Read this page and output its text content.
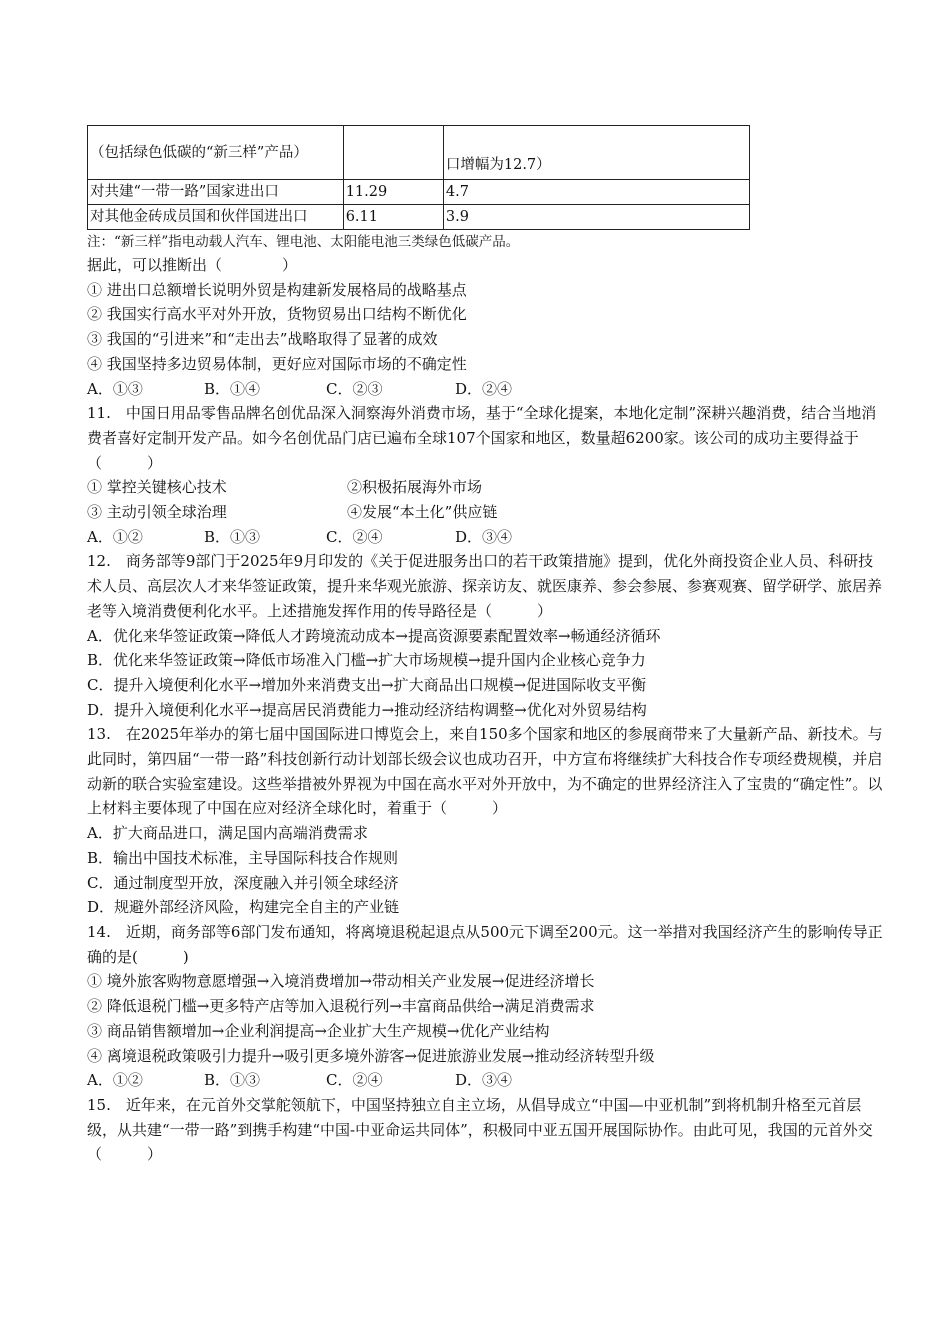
（包括绿色低碳的“新三样”产品）		口增幅为12.7）
对共建“一带一路”国家进出口	11.29	4.7
对其他金砖成员国和伙伴国进出口	6.11	3.9
注：“新三样”指电动载人汽车、锂电池、太阳能电池三类绿色低碳产品。
据此，可以推断出（　　　　）
① 进出口总额增长说明外贸是构建新发展格局的战略基点
② 我国实行高水平对外开放，货物贸易出口结构不断优化
③ 我国的“引进来”和“走出去”战略取得了显著的成效
④ 我国坚持多边贸易体制，更好应对国际市场的不确定性
A．①③	B．①④	C．②③	D．②④
11.　中国日用品零售品牌名创优品深入洞察海外消费市场，基于“全球化提案，本地化定制”深耕兴趣消费，结合当地消费者喜好定制开发产品。如今名创优品门店已遍布全球107个国家和地区，数量超6200家。该公司的成功主要得益于（　　　）
① 掌控关键核心技术	②积极拓展海外市场
③ 主动引领全球治理	④发展“本土化”供应链
A．①②	B．①③	C．②④	D．③④
12.　商务部等9部门于2025年9月印发的《关于促进服务出口的若干政策措施》提到，优化外商投资企业人员、科研技术人员、高层次人才来华签证政策，提升来华观光旅游、探亲访友、就医康养、参会参展、参赛观赛、留学研学、旅居养老等入境消费便利化水平。上述措施发挥作用的传导路径是（　　　）
A．优化来华签证政策→降低人才跨境流动成本→提高资源要素配置效率→畅通经济循环
B．优化来华签证政策→降低市场准入门槛→扩大市场规模→提升国内企业核心竞争力
C．提升入境便利化水平→增加外来消费支出→扩大商品出口规模→促进国际收支平衡
D．提升入境便利化水平→提高居民消费能力→推动经济结构调整→优化对外贸易结构
13.　在2025年举办的第七届中国国际进口博览会上，来自150多个国家和地区的参展商带来了大量新产品、新技术。与此同时，第四届“一带一路”科技创新行动计划部长级会议也成功召开，中方宣布将继续扩大科技合作专项经费规模，并启动新的联合实验室建设。这些举措被外界视为中国在高水平对外开放中，为不确定的世界经济注入了宝贵的“确定性”。以上材料主要体现了中国在应对经济全球化时，着重于（　　　）
A．扩大商品进口，满足国内高端消费需求
B．输出中国技术标准，主导国际科技合作规则
C．通过制度型开放，深度融入并引领全球经济
D．规避外部经济风险，构建完全自主的产业链
14.　近期，商务部等6部门发布通知，将离境退税起退点从500元下调至200元。这一举措对我国经济产生的影响传导正确的是(　　　)
① 境外旅客购物意愿增强→入境消费增加→带动相关产业发展→促进经济增长
② 降低退税门槛→更多特产店等加入退税行列→丰富商品供给→满足消费需求
③ 商品销售额增加→企业利润提高→企业扩大生产规模→优化产业结构
④ 离境退税政策吸引力提升→吸引更多境外游客→促进旅游业发展→推动经济转型升级
A．①②	B．①③	C．②④	D．③④
15.　近年来，在元首外交掌舵领航下，中国坚持独立自主立场，从倡导成立“中国—中亚机制”到将机制升格至元首层级，从共建“一带一路”到携手构建“中国-中亚命运共同体”，积极同中亚五国开展国际协作。由此可见，我国的元首外交（　　　）
